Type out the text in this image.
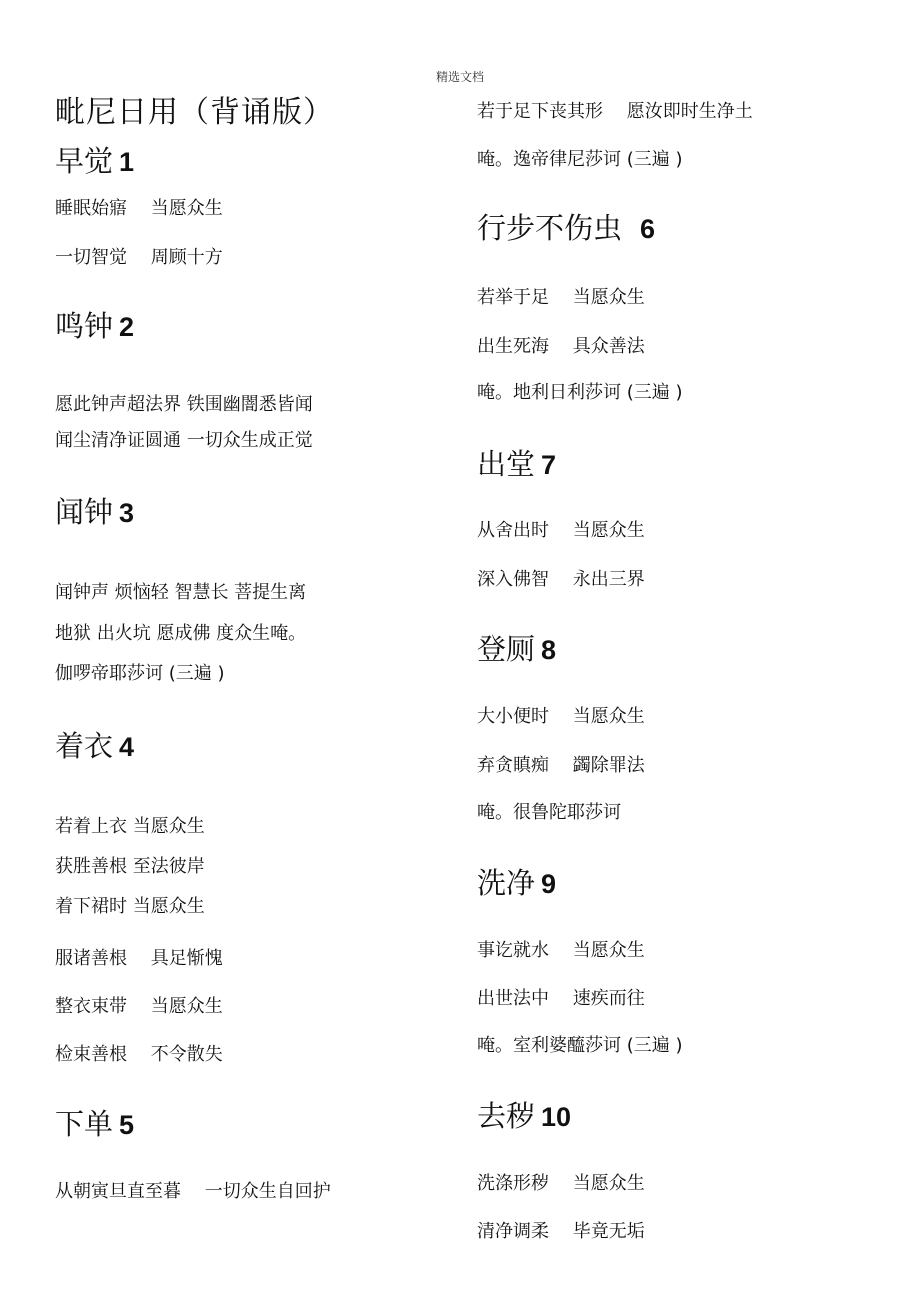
精选文档
毗尼日用（背诵版）
早觉 1
睡眠始寤　 当愿众生
一切智觉　 周顾十方
鸣钟 2
愿此钟声超法界 铁围幽闇悉皆闻
闻尘清净证圆通 一切众生成正觉
闻钟 3
闻钟声 烦恼轻 智慧长 菩提生离
地狱 出火坑 愿成佛 度众生唵。
伽啰帝耶莎诃 (三遍 )
着衣 4
若着上衣 当愿众生
获胜善根 至法彼岸
着下裙时 当愿众生
服诸善根　 具足惭愧
整衣束带　 当愿众生
检束善根　 不令散失
下单 5
从朝寅旦直至暮　 一切众生自回护
若于足下丧其形　 愿汝即时生净土
唵。逸帝律尼莎诃 (三遍 )
行步不伤虫 6
若举于足　 当愿众生
出生死海　 具众善法
唵。地利日利莎诃 (三遍 )
出堂 7
从舍出时　 当愿众生
深入佛智　 永出三界
登厕 8
大小便时　 当愿众生
弃贪瞋痴　 蠲除罪法
唵。很鲁陀耶莎诃
洗净 9
事讫就水　 当愿众生
出世法中　 速疾而往
唵。室利婆醯莎诃 (三遍 )
去秽 10
洗涤形秽　 当愿众生
清净调柔　 毕竟无垢
